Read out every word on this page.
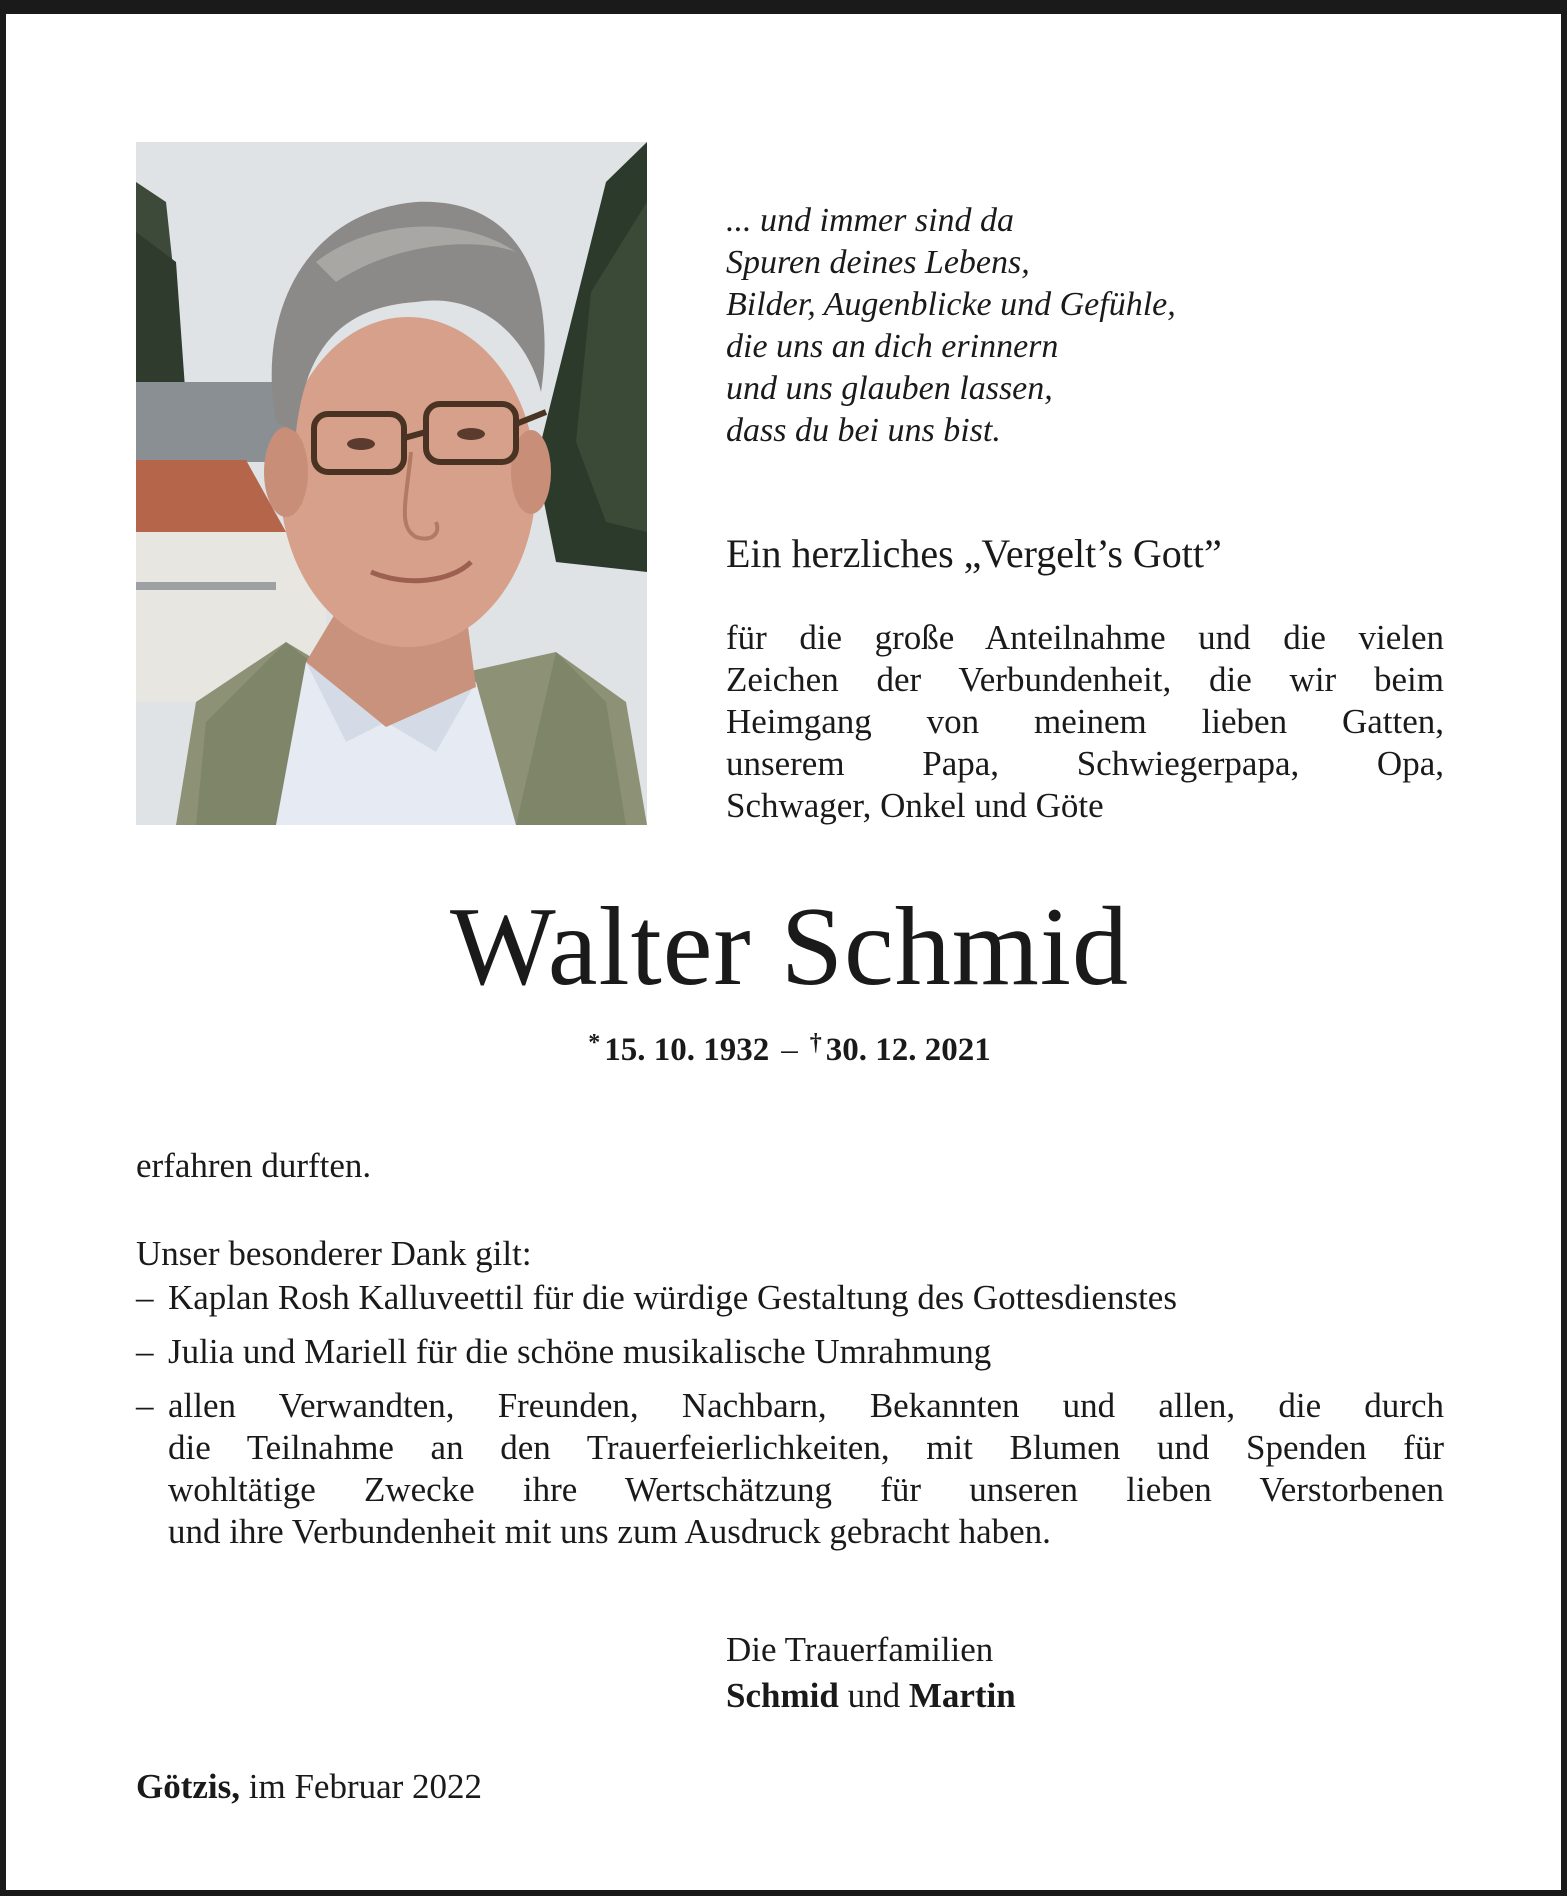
... und immer sind da
Spuren deines Lebens,
Bilder, Augenblicke und Gefühle,
die uns an dich erinnern
und uns glauben lassen,
dass du bei uns bist.
Ein herzliches „Vergelt’s Gott”
für die große Anteilnahme und die vielen
Zeichen der Verbundenheit, die wir beim
Heimgang von meinem lieben Gatten,
unserem Papa, Schwiegerpapa, Opa,
Schwager, Onkel und Göte
Walter Schmid
* 15. 10. 1932 – † 30. 12. 2021
erfahren durften.
Unser besonderer Dank gilt:
– Kaplan Rosh Kalluveettil für die würdige Gestaltung des Gottesdienstes
– Julia und Mariell für die schöne musikalische Umrahmung
– allen Verwandten, Freunden, Nachbarn, Bekannten und allen, die durch
die Teilnahme an den Trauerfeierlichkeiten, mit Blumen und Spenden für
wohltätige Zwecke ihre Wertschätzung für unseren lieben Verstorbenen
und ihre Verbundenheit mit uns zum Ausdruck gebracht haben.
Die Trauerfamilien
Schmid und Martin
Götzis, im Februar 2022
